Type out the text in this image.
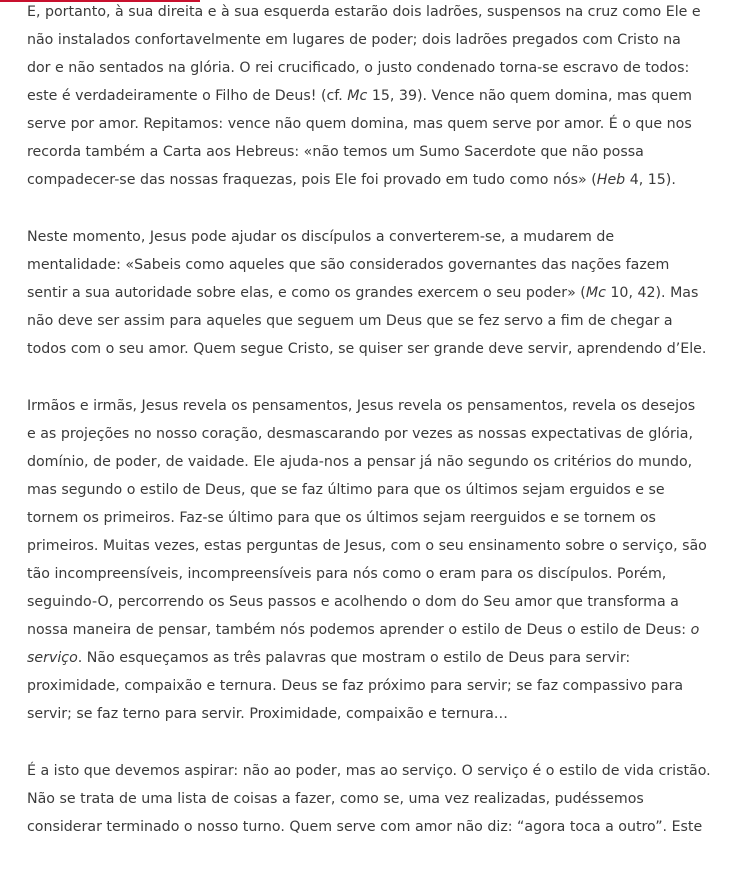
E, portanto, à sua direita e à sua esquerda estarão dois ladrões, suspensos na cruz como Ele e
não instalados confortavelmente em lugares de poder; dois ladrões pregados com Cristo na
dor e não sentados na glória. O rei crucificado, o justo condenado torna-se escravo de todos:
este é verdadeiramente o Filho de Deus! (cf. Mc 15, 39). Vence não quem domina, mas quem
serve por amor. Repitamos: vence não quem domina, mas quem serve por amor. É o que nos
recorda também a Carta aos Hebreus: «não temos um Sumo Sacerdote que não possa
compadecer-se das nossas fraquezas, pois Ele foi provado em tudo como nós» (Heb 4, 15).

Neste momento, Jesus pode ajudar os discípulos a converterem-se, a mudarem de
mentalidade: «Sabeis como aqueles que são considerados governantes das nações fazem
sentir a sua autoridade sobre elas, e como os grandes exercem o seu poder» (Mc 10, 42). Mas
não deve ser assim para aqueles que seguem um Deus que se fez servo a fim de chegar a
todos com o seu amor. Quem segue Cristo, se quiser ser grande deve servir, aprendendo d’Ele.

Irmãos e irmãs, Jesus revela os pensamentos, Jesus revela os pensamentos, revela os desejos
e as projeções no nosso coração, desmascarando por vezes as nossas expectativas de glória,
domínio, de poder, de vaidade. Ele ajuda-nos a pensar já não segundo os critérios do mundo,
mas segundo o estilo de Deus, que se faz último para que os últimos sejam erguidos e se
tornem os primeiros. Faz-se último para que os últimos sejam reerguidos e se tornem os
primeiros. Muitas vezes, estas perguntas de Jesus, com o seu ensinamento sobre o serviço, são
tão incompreensíveis, incompreensíveis para nós como o eram para os discípulos. Porém,
seguindo-O, percorrendo os Seus passos e acolhendo o dom do Seu amor que transforma a
nossa maneira de pensar, também nós podemos aprender o estilo de Deus o estilo de Deus: o
serviço. Não esqueçamos as três palavras que mostram o estilo de Deus para servir:
proximidade, compaixão e ternura. Deus se faz próximo para servir; se faz compassivo para
servir; se faz terno para servir. Proximidade, compaixão e ternura…

É a isto que devemos aspirar: não ao poder, mas ao serviço. O serviço é o estilo de vida cristão.
Não se trata de uma lista de coisas a fazer, como se, uma vez realizadas, pudéssemos
considerar terminado o nosso turno. Quem serve com amor não diz: “agora toca a outro”. Este
